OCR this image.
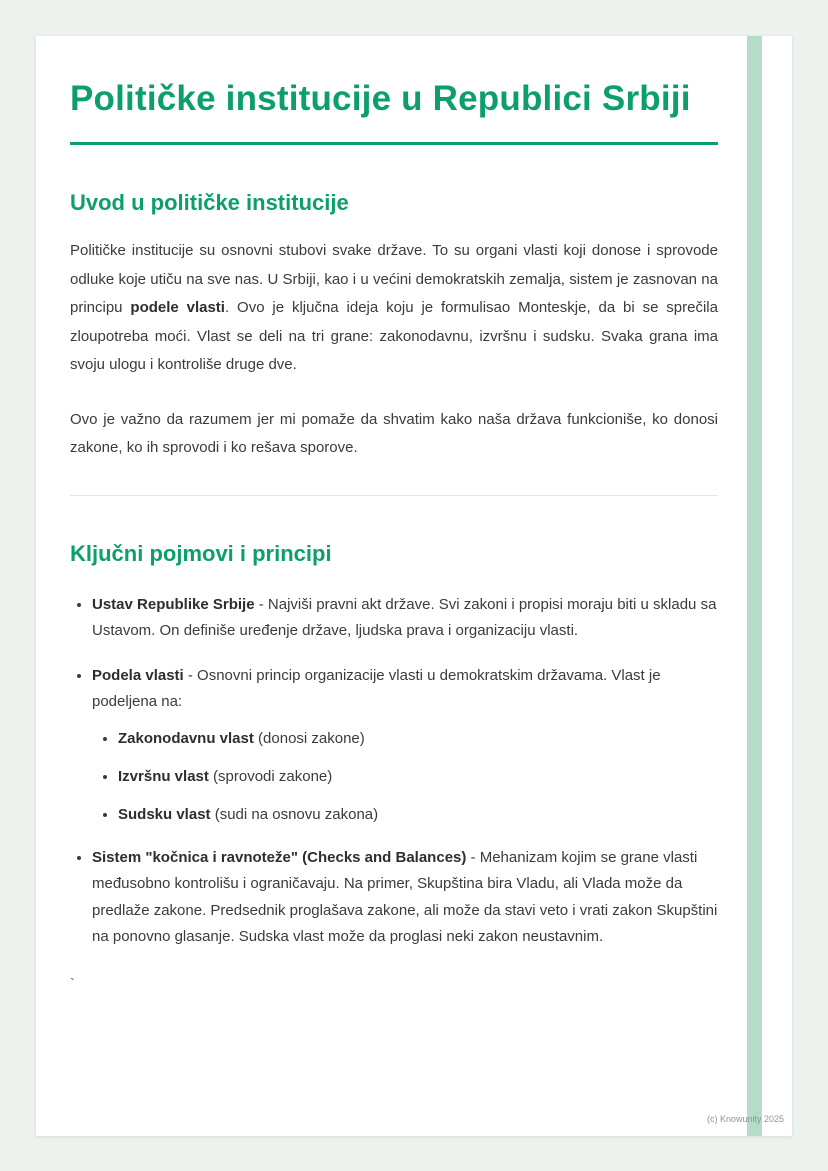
Političke institucije u Republici Srbiji
Uvod u političke institucije

Političke institucije su osnovni stubovi svake države. To su organi vlasti koji donose i sprovode odluke koje utiču na sve nas. U Srbiji, kao i u većini demokratskih zemalja, sistem je zasnovan na principu podele vlasti. Ovo je ključna ideja koju je formulisao Monteskje, da bi se sprečila zloupotreba moći. Vlast se deli na tri grane: zakonodavnu, izvršnu i sudsku. Svaka grana ima svoju ulogu i kontroliše druge dve.

Ovo je važno da razumem jer mi pomaže da shvatim kako naša država funkcioniše, ko donosi zakone, ko ih sprovodi i ko rešava sporove.

Ključni pojmovi i principi
• Ustav Republike Srbije - Najviši pravni akt države. Svi zakoni i propisi moraju biti u skladu sa Ustavom. On definiše uređenje države, ljudska prava i organizaciju vlasti.
• Podela vlasti - Osnovni princip organizacije vlasti u demokratskim državama. Vlast je podeljena na:
• Zakonodavnu vlast (donosi zakone)
• Izvršnu vlast (sprovodi zakone)
• Sudsku vlast (sudi na osnovu zakona)
• Sistem "kočnica i ravnoteže" (Checks and Balances) - Mehanizam kojim se grane vlasti međusobno kontrolišu i ograničavaju. Na primer, Skupština bira Vladu, ali Vlada može da predlaže zakone. Predsednik proglašava zakone, ali može da stavi veto i vrati zakon Skupštini na ponovno glasanje. Sudska vlast može da proglasi neki zakon neustavnim.
`
(c) Knowunity 2025
